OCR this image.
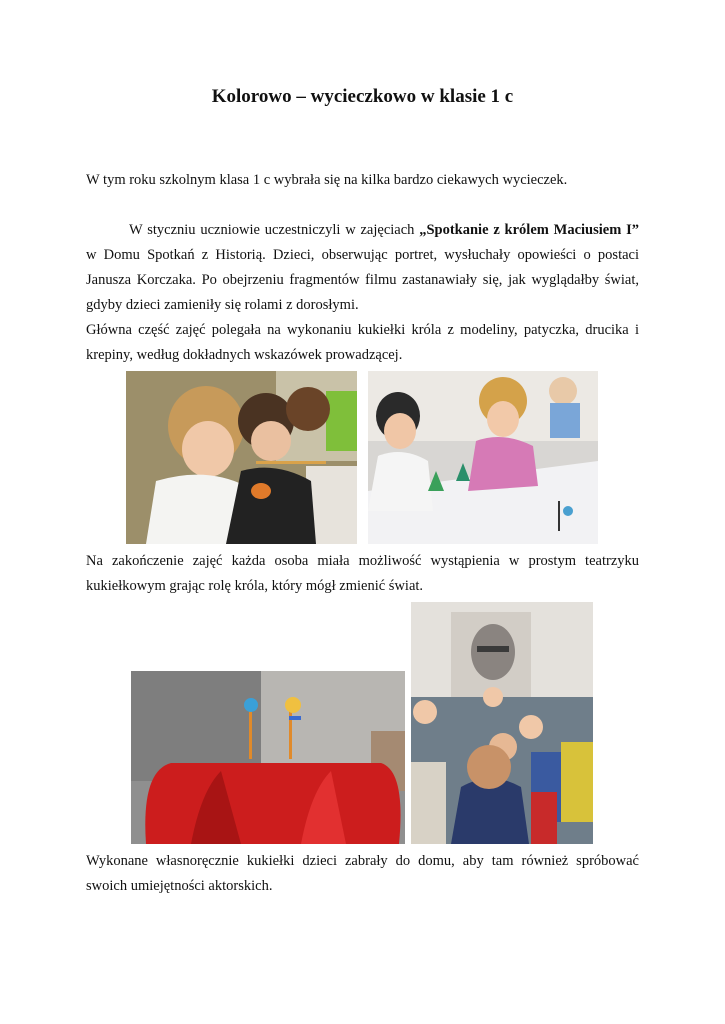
Kolorowo – wycieczkowo w klasie 1 c

W tym roku szkolnym klasa 1 c wybrała się na kilka bardzo ciekawych wycieczek.

W styczniu uczniowie uczestniczyli w zajęciach „Spotkanie z królem Maciusiem I” w Domu Spotkań z Historią. Dzieci, obserwując portret, wysłuchały opowieści o postaci Janusza Korczaka. Po obejrzeniu fragmentów filmu zastanawiały się, jak wyglądałby świat, gdyby dzieci zamieniły się rolami z dorosłymi.

Główna część zajęć polegała na wykonaniu kukiełki króla z modeliny, patyczka, drucika i krepiny, według dokładnych wskazówek prowadzącej.

Na zakończenie zajęć każda osoba miała możliwość wystąpienia w prostym teatrzyku kukiełkowym grając rolę króla, który mógł zmienić świat.

Wykonane własnoręcznie kukiełki dzieci zabrały do domu, aby tam również spróbować swoich umiejętności aktorskich.
